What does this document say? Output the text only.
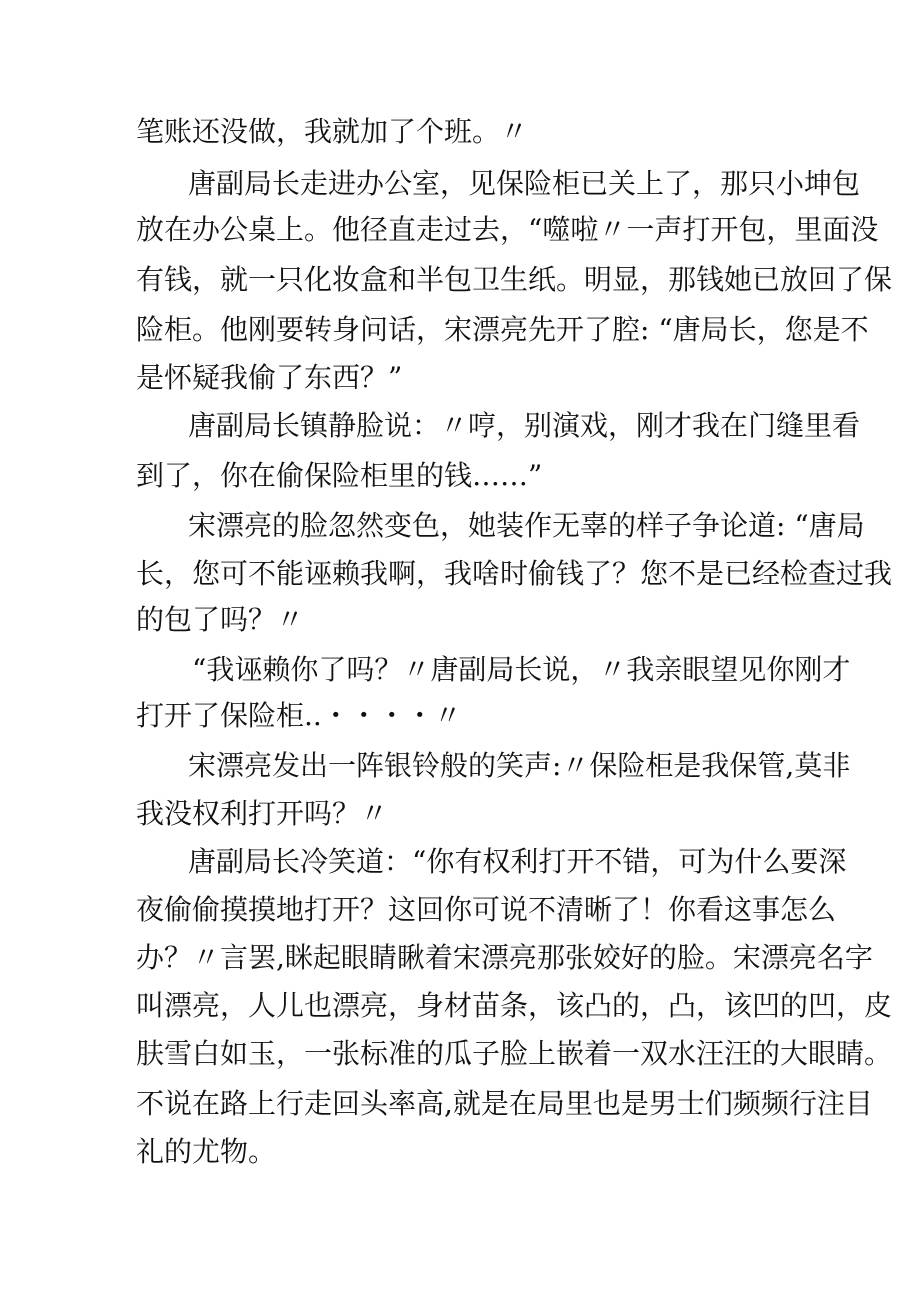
笔账还没做，我就加了个班。〃
唐副局长走进办公室，见保险柜已关上了，那只小坤包
放在办公桌上。他径直走过去，“噬啦〃一声打开包，里面没
有钱，就一只化妆盒和半包卫生纸。明显，那钱她已放回了保
险柜。他刚要转身问话，宋漂亮先开了腔: “唐局长，您是不
是怀疑我偷了东西？”
唐副局长镇静脸说：〃哼，别演戏，刚才我在门缝里看
到了，你在偷保险柜里的钱……”
宋漂亮的脸忽然变色，她装作无辜的样子争论道: “唐局
长，您可不能诬赖我啊，我啥时偷钱了？您不是已经检查过我
的包了吗？〃
“我诬赖你了吗？〃唐副局长说，〃我亲眼望见你刚才
打开了保险柜..・・・・〃
宋漂亮发出一阵银铃般的笑声:〃保险柜是我保管,莫非
我没权利打开吗？〃
唐副局长冷笑道：“你有权利打开不错，可为什么要深
夜偷偷摸摸地打开？这回你可说不清晰了！你看这事怎么
办？〃言罢,眯起眼睛瞅着宋漂亮那张姣好的脸。宋漂亮名字
叫漂亮，人儿也漂亮，身材苗条，该凸的，凸，该凹的凹，皮
肤雪白如玉，一张标准的瓜子脸上嵌着一双水汪汪的大眼睛。
不说在路上行走回头率高,就是在局里也是男士们频频行注目
礼的尤物。
